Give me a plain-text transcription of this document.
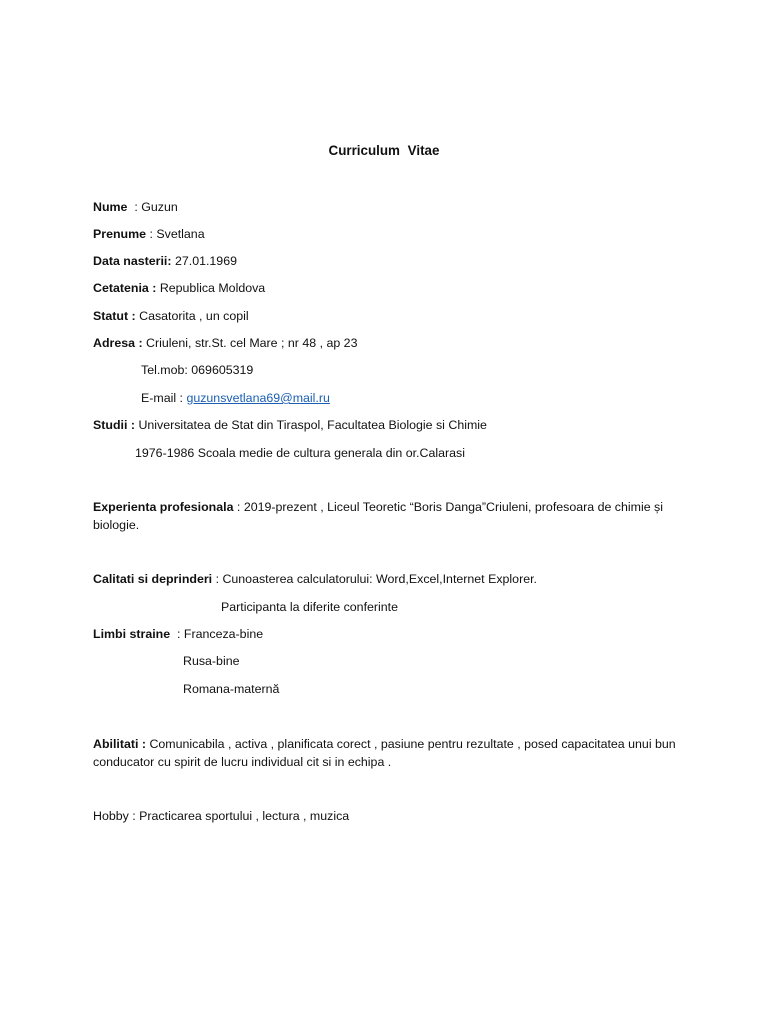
Curriculum Vitae
Nume  : Guzun
Prenume : Svetlana
Data nasterii: 27.01.1969
Cetatenia : Republica Moldova
Statut : Casatorita , un copil
Adresa : Criuleni, str.St. cel Mare ; nr 48 , ap 23
Tel.mob: 069605319
E-mail : guzunsvetlana69@mail.ru
Studii : Universitatea de Stat din Tiraspol, Facultatea Biologie si Chimie
1976-1986 Scoala medie de cultura generala din or.Calarasi
Experienta profesionala : 2019-prezent , Liceul Teoretic “Boris Danga”Criuleni, profesoara de chimie și biologie.
Calitati si deprinderi : Cunoasterea calculatorului: Word,Excel,Internet Explorer.
Participanta la diferite conferinte
Limbi straine  : Franceza-bine
Rusa-bine
Romana-maternă
Abilitati : Comunicabila , activa , planificata corect , pasiune pentru rezultate , posed capacitatea unui bun conducator cu spirit de lucru individual cit si in echipa .
Hobby : Practicarea sportului , lectura , muzica
